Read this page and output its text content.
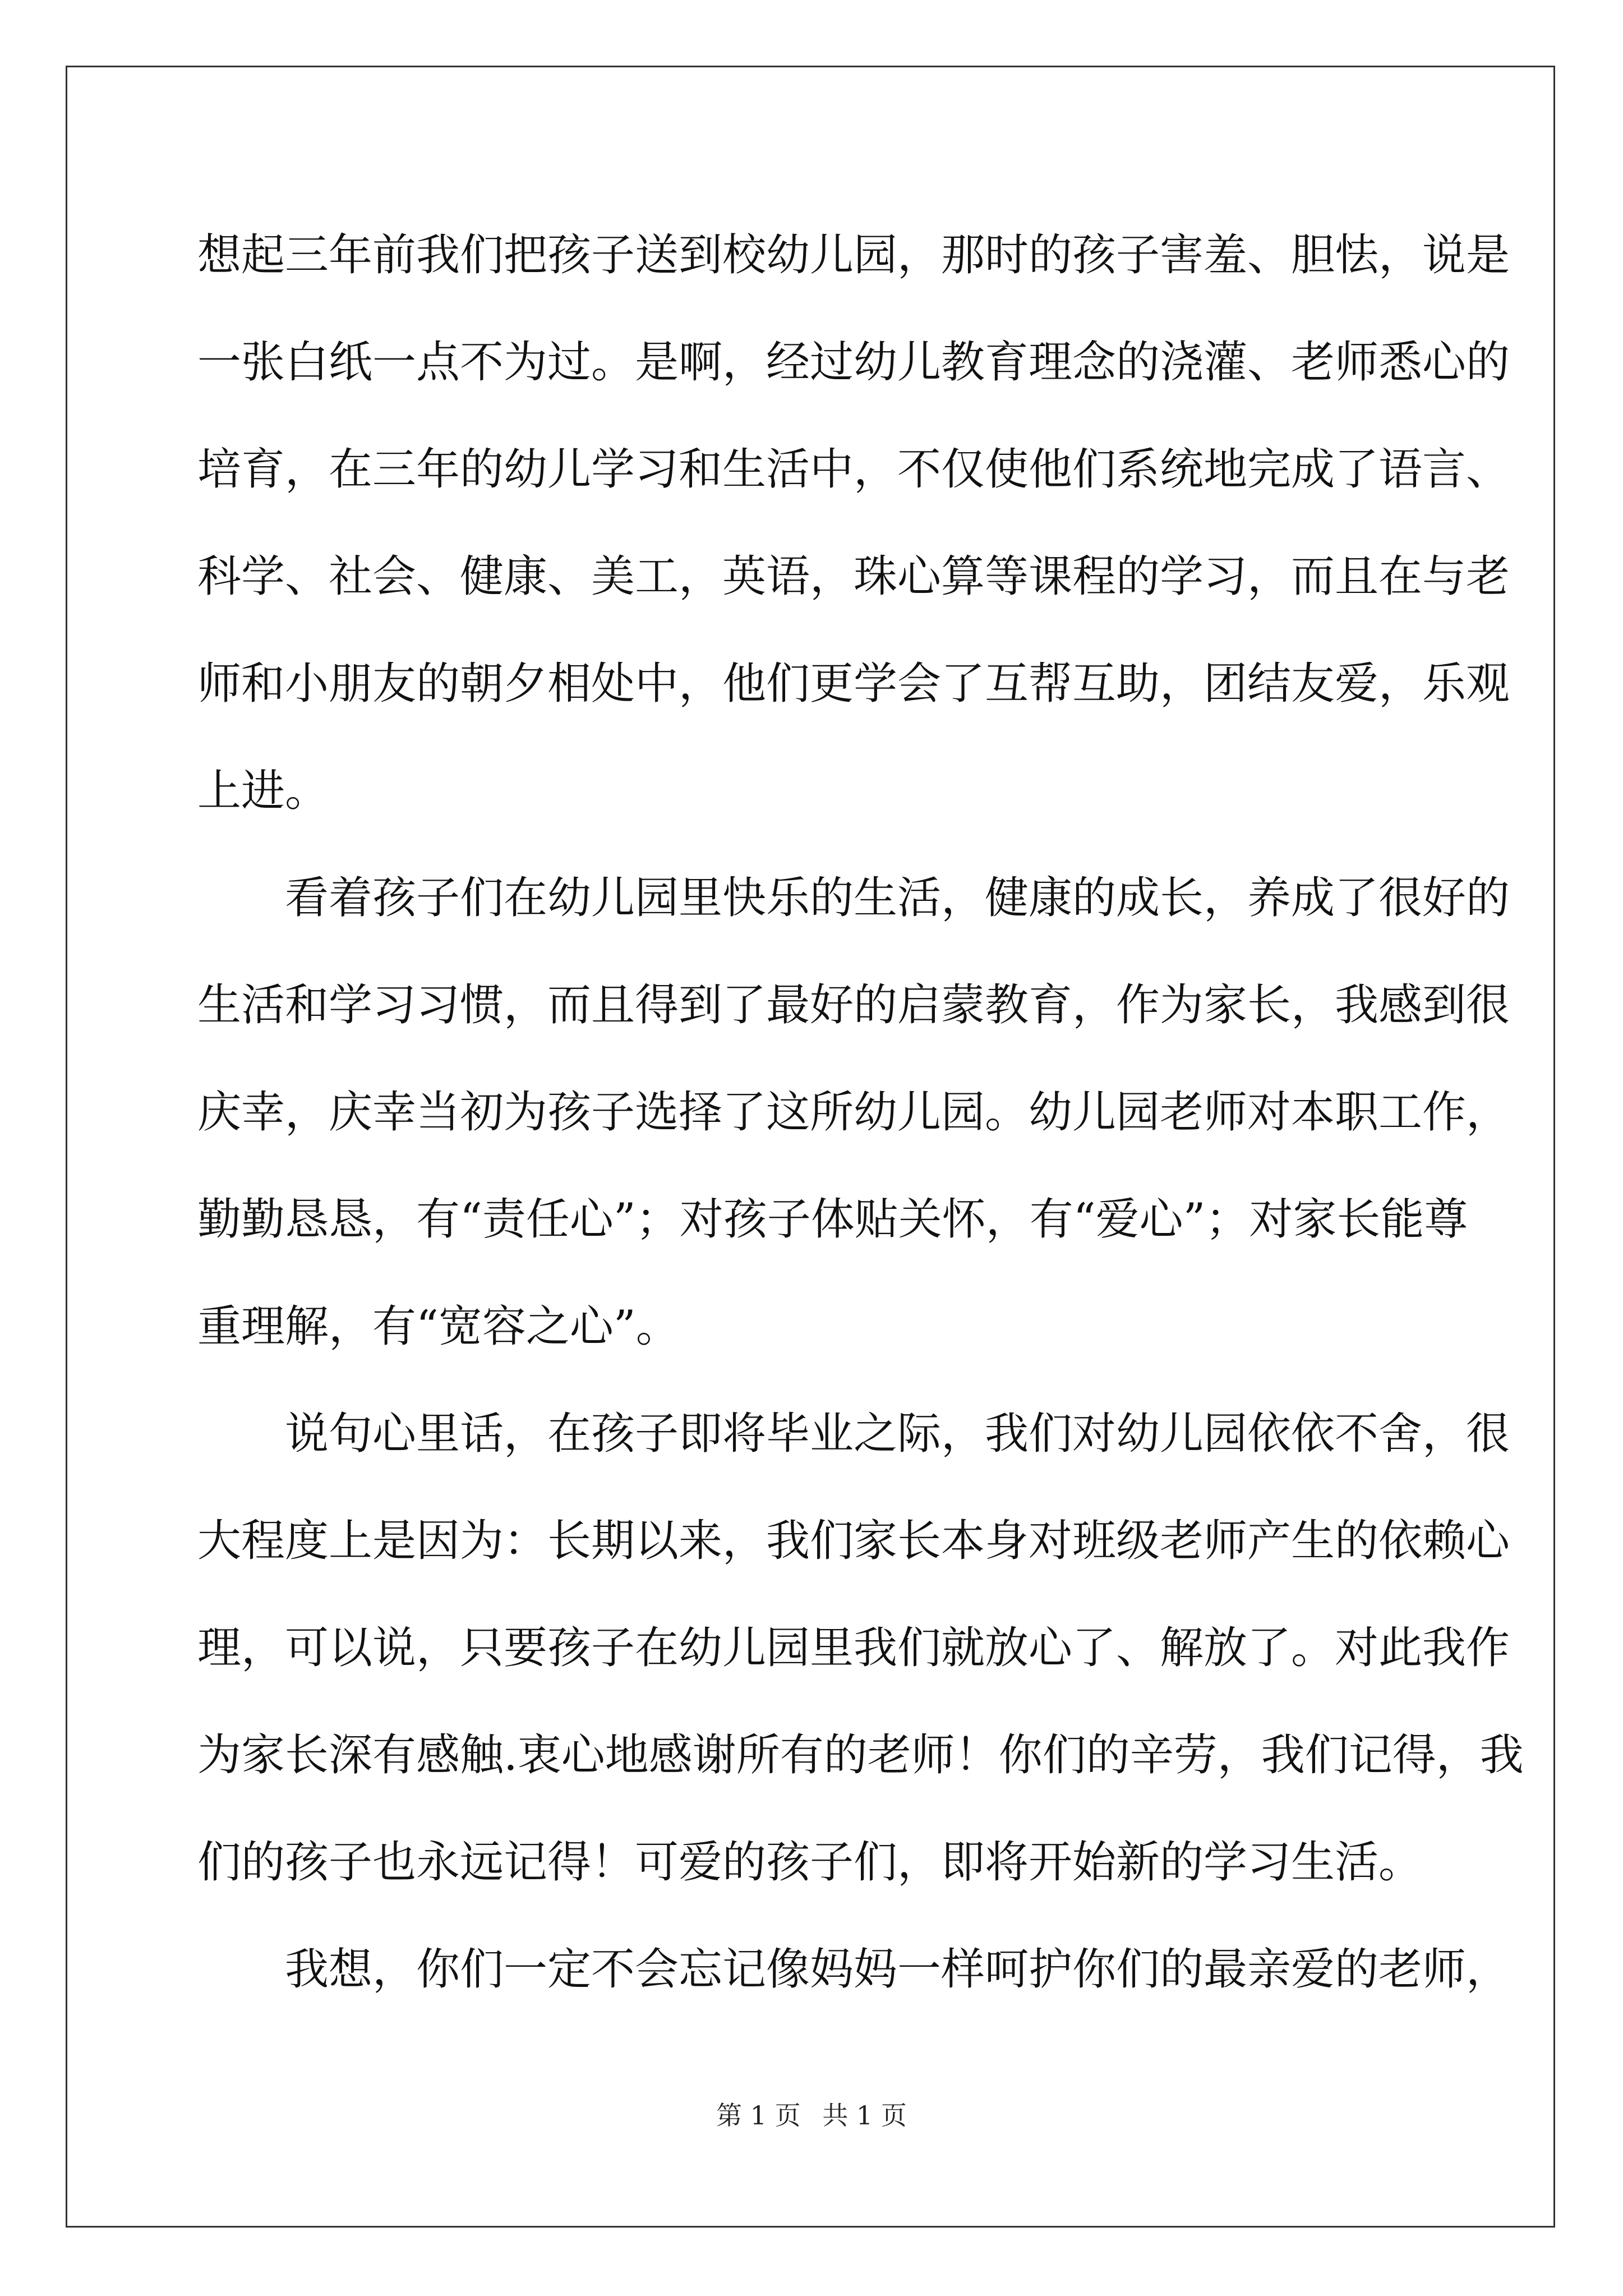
想起三年前我们把孩子送到校幼儿园，那时的孩子害羞、胆怯，说是
一张白纸一点不为过。是啊，经过幼儿教育理念的浇灌、老师悉心的
培育，在三年的幼儿学习和生活中，不仅使他们系统地完成了语言、
科学、社会、健康、美工，英语，珠心算等课程的学习，而且在与老
师和小朋友的朝夕相处中，他们更学会了互帮互助，团结友爱，乐观
上进。
看着孩子们在幼儿园里快乐的生活，健康的成长，养成了很好的
生活和学习习惯，而且得到了最好的启蒙教育，作为家长，我感到很
庆幸，庆幸当初为孩子选择了这所幼儿园。幼儿园老师对本职工作，
勤勤恳恳，有“责任心”；对孩子体贴关怀，有“爱心”；对家长能尊
重理解，有“宽容之心”。
说句心里话，在孩子即将毕业之际，我们对幼儿园依依不舍，很
大程度上是因为：长期以来，我们家长本身对班级老师产生的依赖心
理，可以说，只要孩子在幼儿园里我们就放心了、解放了。对此我作
为家长深有感触.衷心地感谢所有的老师！你们的辛劳，我们记得，我
们的孩子也永远记得！可爱的孩子们，即将开始新的学习生活。
我想，你们一定不会忘记像妈妈一样呵护你们的最亲爱的老师，
第 1 页 共 1 页
